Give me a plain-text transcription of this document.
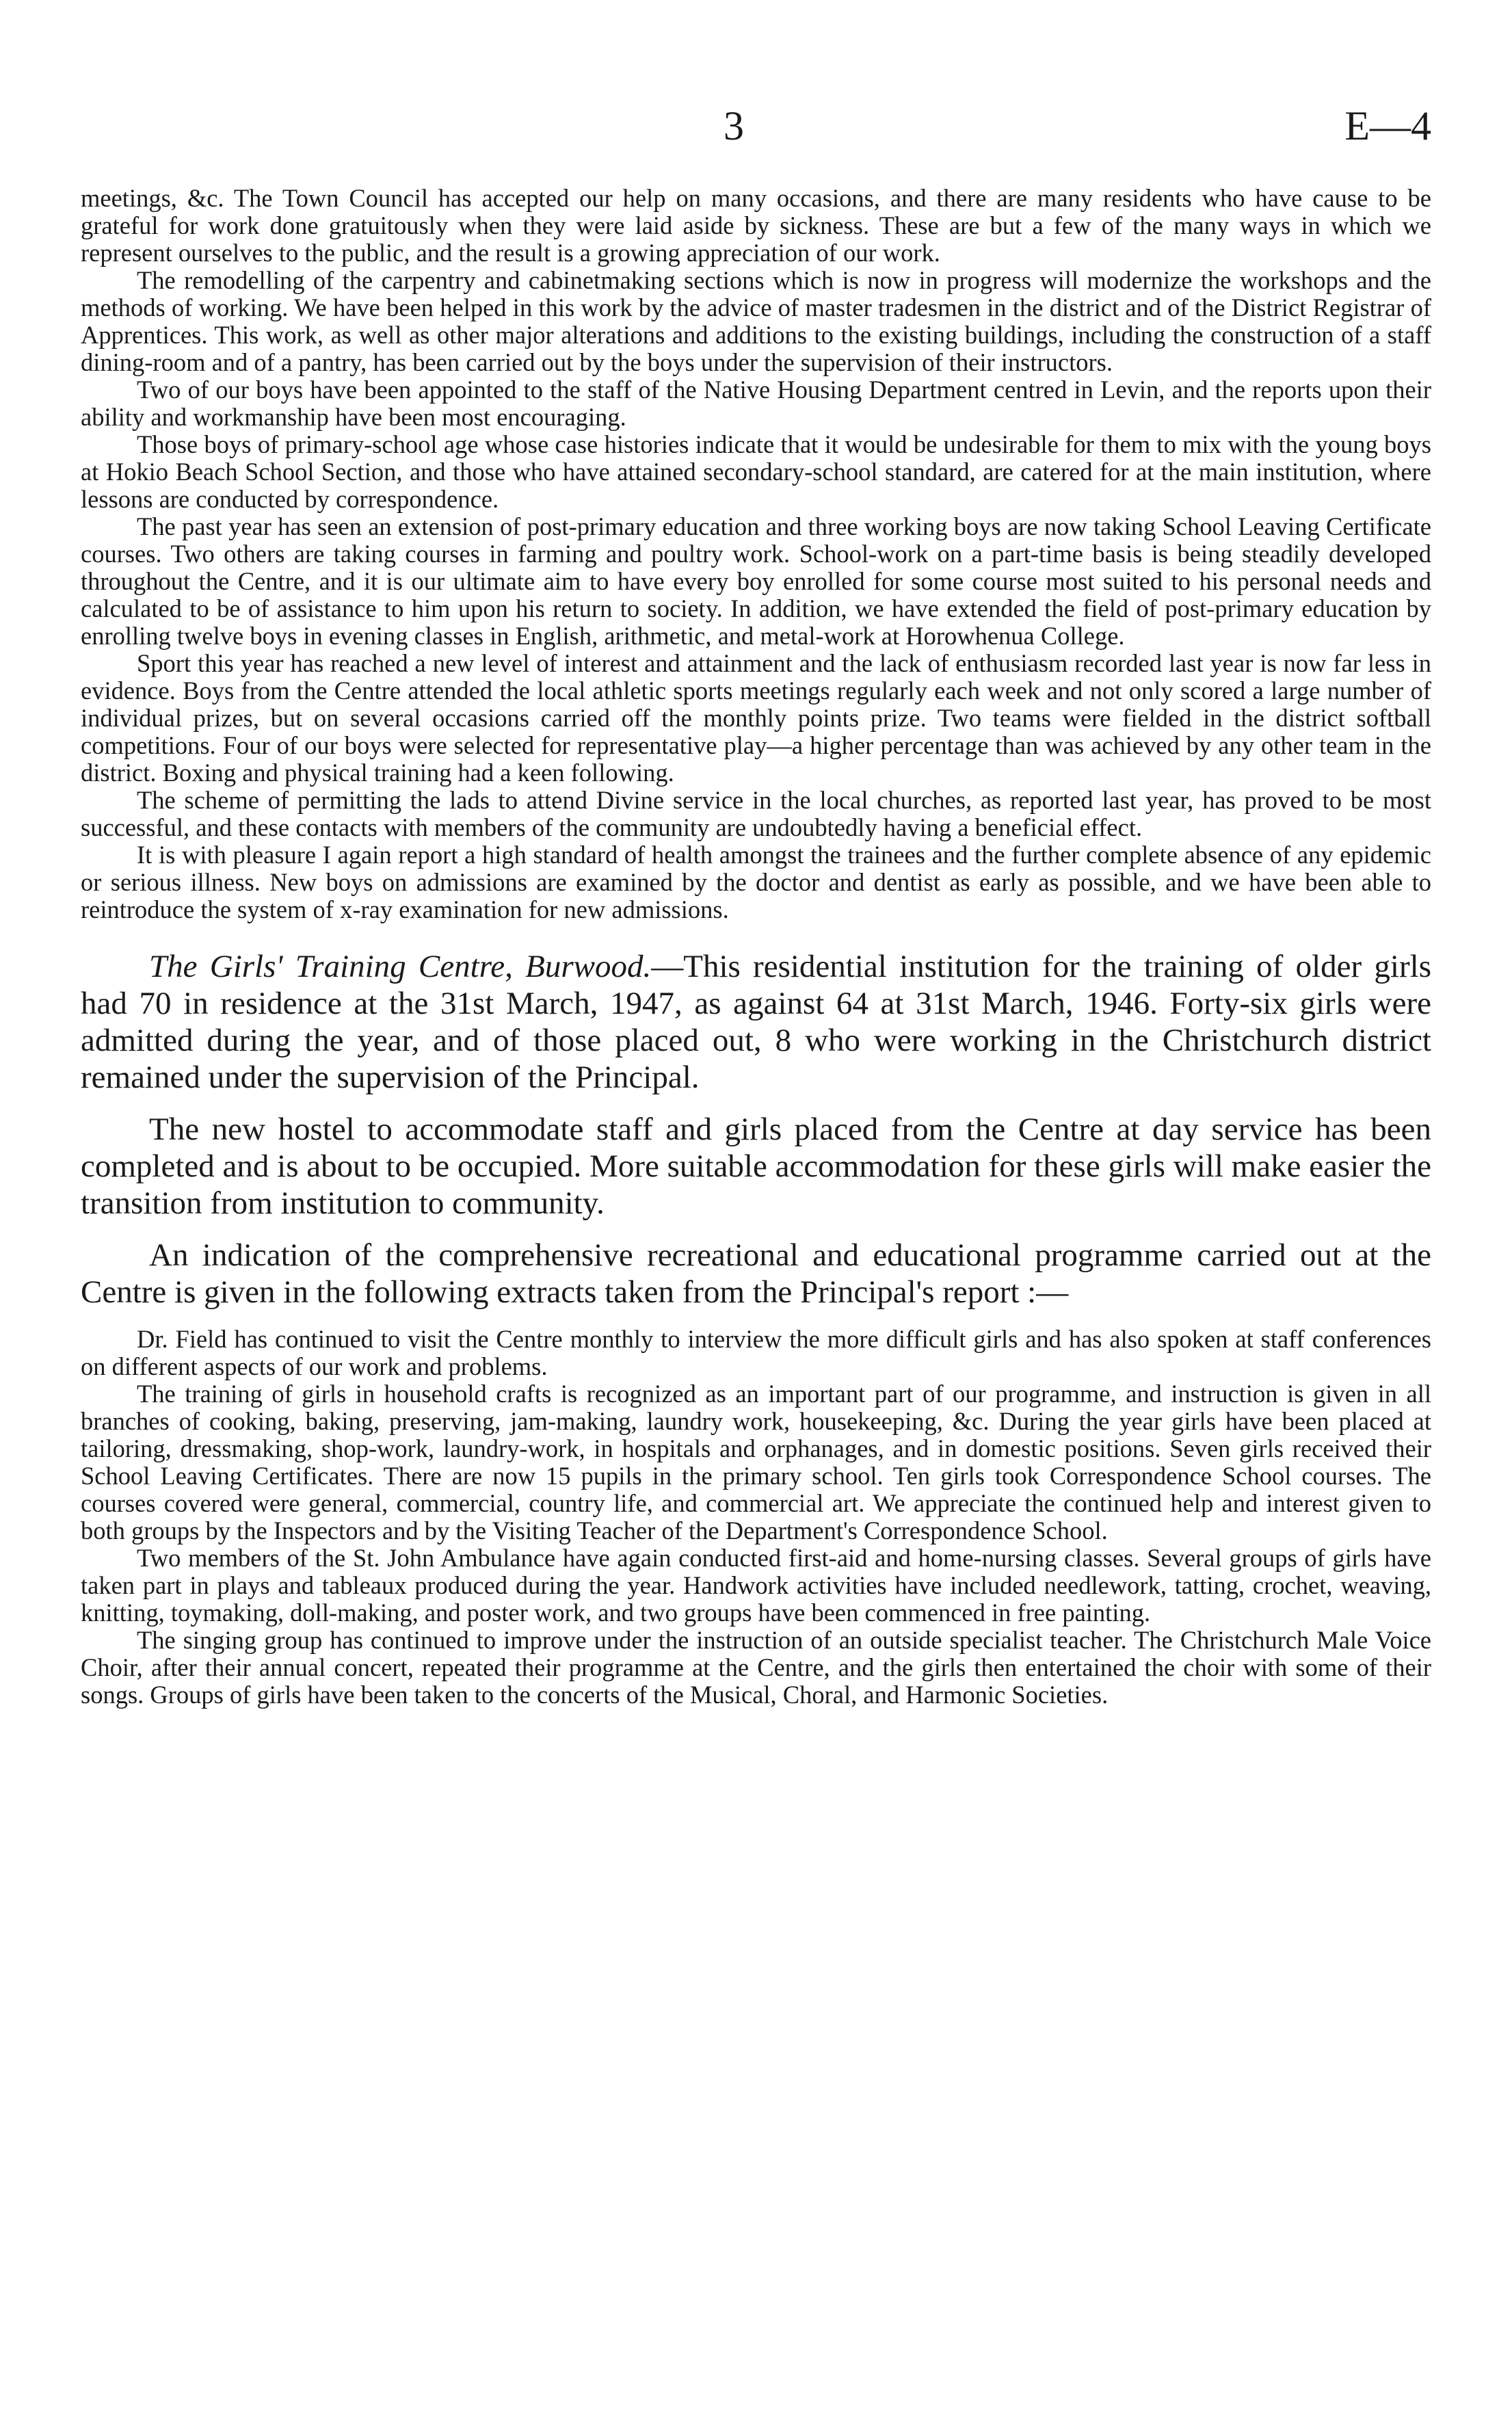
3	E—4

meetings, &c. The Town Council has accepted our help on many occasions, and there are many residents who have cause to be grateful for work done gratuitously when they were laid aside by sickness. These are but a few of the many ways in which we represent ourselves to the public, and the result is a growing appreciation of our work.

The remodelling of the carpentry and cabinetmaking sections which is now in progress will modernize the workshops and the methods of working. We have been helped in this work by the advice of master tradesmen in the district and of the District Registrar of Apprentices. This work, as well as other major alterations and additions to the existing buildings, including the construction of a staff dining-room and of a pantry, has been carried out by the boys under the supervision of their instructors.

Two of our boys have been appointed to the staff of the Native Housing Department centred in Levin, and the reports upon their ability and workmanship have been most encouraging.

Those boys of primary-school age whose case histories indicate that it would be undesirable for them to mix with the young boys at Hokio Beach School Section, and those who have attained secondary-school standard, are catered for at the main institution, where lessons are conducted by correspondence.

The past year has seen an extension of post-primary education and three working boys are now taking School Leaving Certificate courses. Two others are taking courses in farming and poultry work. School-work on a part-time basis is being steadily developed throughout the Centre, and it is our ultimate aim to have every boy enrolled for some course most suited to his personal needs and calculated to be of assistance to him upon his return to society. In addition, we have extended the field of post-primary education by enrolling twelve boys in evening classes in English, arithmetic, and metal-work at Horowhenua College.

Sport this year has reached a new level of interest and attainment and the lack of enthusiasm recorded last year is now far less in evidence. Boys from the Centre attended the local athletic sports meetings regularly each week and not only scored a large number of individual prizes, but on several occasions carried off the monthly points prize. Two teams were fielded in the district softball competitions. Four of our boys were selected for representative play—a higher percentage than was achieved by any other team in the district. Boxing and physical training had a keen following.

The scheme of permitting the lads to attend Divine service in the local churches, as reported last year, has proved to be most successful, and these contacts with members of the community are undoubtedly having a beneficial effect.

It is with pleasure I again report a high standard of health amongst the trainees and the further complete absence of any epidemic or serious illness. New boys on admissions are examined by the doctor and dentist as early as possible, and we have been able to reintroduce the system of x-ray examination for new admissions.

The Girls' Training Centre, Burwood.—This residential institution for the training of older girls had 70 in residence at the 31st March, 1947, as against 64 at 31st March, 1946. Forty-six girls were admitted during the year, and of those placed out, 8 who were working in the Christchurch district remained under the supervision of the Principal.

The new hostel to accommodate staff and girls placed from the Centre at day service has been completed and is about to be occupied. More suitable accommodation for these girls will make easier the transition from institution to community.

An indication of the comprehensive recreational and educational programme carried out at the Centre is given in the following extracts taken from the Principal's report :—

Dr. Field has continued to visit the Centre monthly to interview the more difficult girls and has also spoken at staff conferences on different aspects of our work and problems.

The training of girls in household crafts is recognized as an important part of our programme, and instruction is given in all branches of cooking, baking, preserving, jam-making, laundry work, housekeeping, &c. During the year girls have been placed at tailoring, dressmaking, shop-work, laundry-work, in hospitals and orphanages, and in domestic positions. Seven girls received their School Leaving Certificates. There are now 15 pupils in the primary school. Ten girls took Correspondence School courses. The courses covered were general, commercial, country life, and commercial art. We appreciate the continued help and interest given to both groups by the Inspectors and by the Visiting Teacher of the Department's Correspondence School.

Two members of the St. John Ambulance have again conducted first-aid and home-nursing classes. Several groups of girls have taken part in plays and tableaux produced during the year. Handwork activities have included needlework, tatting, crochet, weaving, knitting, toymaking, doll-making, and poster work, and two groups have been commenced in free painting.

The singing group has continued to improve under the instruction of an outside specialist teacher. The Christchurch Male Voice Choir, after their annual concert, repeated their programme at the Centre, and the girls then entertained the choir with some of their songs. Groups of girls have been taken to the concerts of the Musical, Choral, and Harmonic Societies.
